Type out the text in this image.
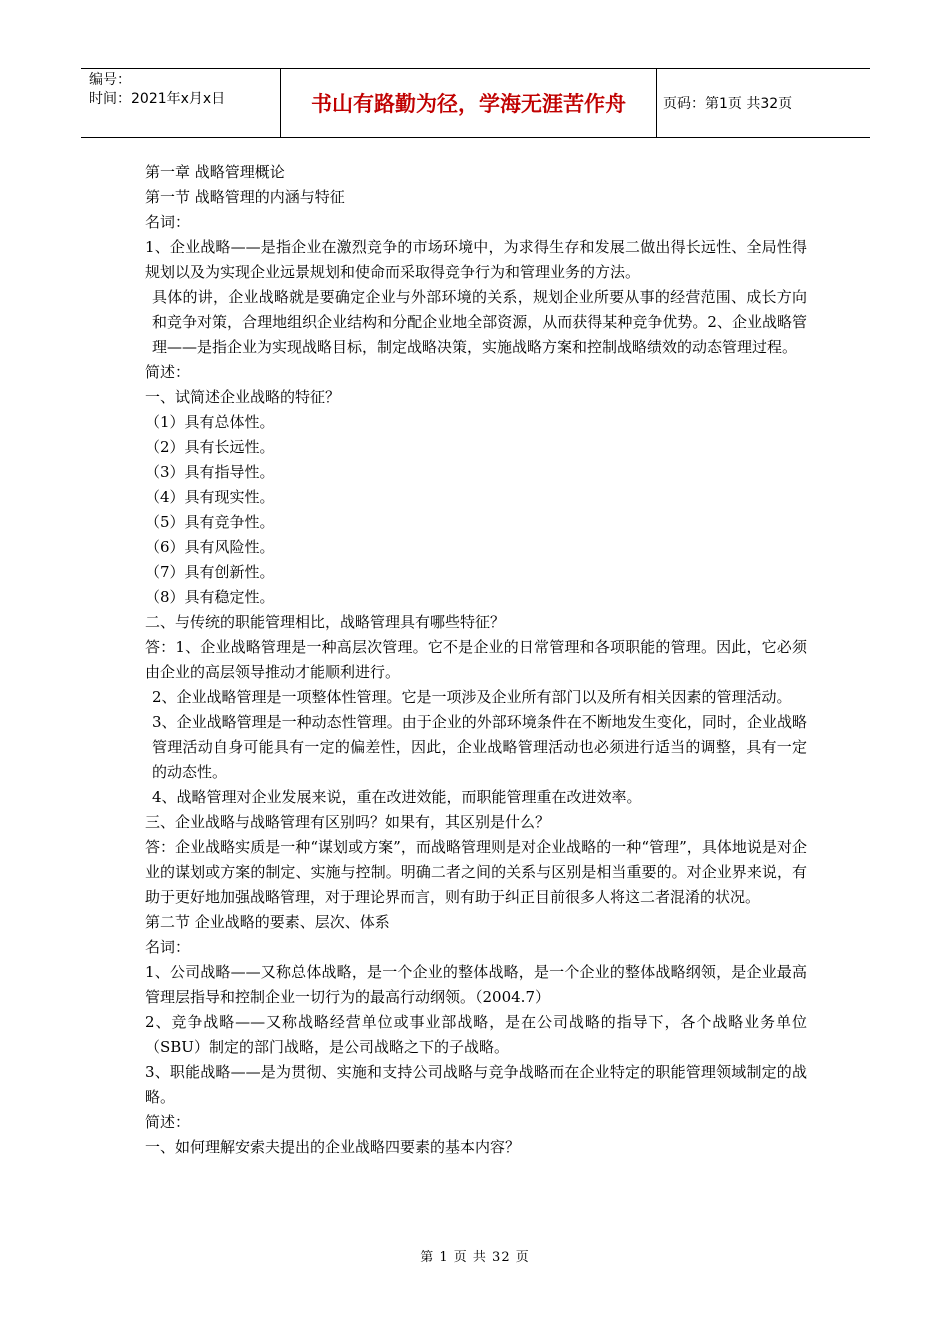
编号：
时间：2021年x月x日	书山有路勤为径，学海无涯苦作舟	页码：第1页 共32页

第一章 战略管理概论

第一节 战略管理的内涵与特征

名词：

1、企业战略——是指企业在激烈竞争的市场环境中，为求得生存和发展二做出得长远性、全局性得规划以及为实现企业远景规划和使命而采取得竞争行为和管理业务的方法。

具体的讲，企业战略就是要确定企业与外部环境的关系，规划企业所要从事的经营范围、成长方向和竞争对策，合理地组织企业结构和分配企业地全部资源，从而获得某种竞争优势。2、企业战略管理——是指企业为实现战略目标，制定战略决策，实施战略方案和控制战略绩效的动态管理过程。

简述：

一、试简述企业战略的特征？

（1）具有总体性。

（2）具有长远性。

（3）具有指导性。

（4）具有现实性。

（5）具有竞争性。

（6）具有风险性。

（7）具有创新性。

（8）具有稳定性。

二、与传统的职能管理相比，战略管理具有哪些特征？

答：1、企业战略管理是一种高层次管理。它不是企业的日常管理和各项职能的管理。因此，它必须由企业的高层领导推动才能顺利进行。

2、企业战略管理是一项整体性管理。它是一项涉及企业所有部门以及所有相关因素的管理活动。

3、企业战略管理是一种动态性管理。由于企业的外部环境条件在不断地发生变化，同时，企业战略管理活动自身可能具有一定的偏差性，因此，企业战略管理活动也必须进行适当的调整，具有一定的动态性。

4、战略管理对企业发展来说，重在改进效能，而职能管理重在改进效率。

三、企业战略与战略管理有区别吗？如果有，其区别是什么？

答：企业战略实质是一种“谋划或方案”，而战略管理则是对企业战略的一种“管理”，具体地说是对企业的谋划或方案的制定、实施与控制。明确二者之间的关系与区别是相当重要的。对企业界来说，有助于更好地加强战略管理，对于理论界而言，则有助于纠正目前很多人将这二者混淆的状况。

第二节 企业战略的要素、层次、体系

名词：

1、公司战略——又称总体战略，是一个企业的整体战略，是一个企业的整体战略纲领，是企业最高管理层指导和控制企业一切行为的最高行动纲领。（2004.7）

2、竞争战略——又称战略经营单位或事业部战略，是在公司战略的指导下，各个战略业务单位（SBU）制定的部门战略，是公司战略之下的子战略。

3、职能战略——是为贯彻、实施和支持公司战略与竞争战略而在企业特定的职能管理领域制定的战略。

简述：

一、如何理解安索夫提出的企业战略四要素的基本内容？

第 1 页 共 32 页
